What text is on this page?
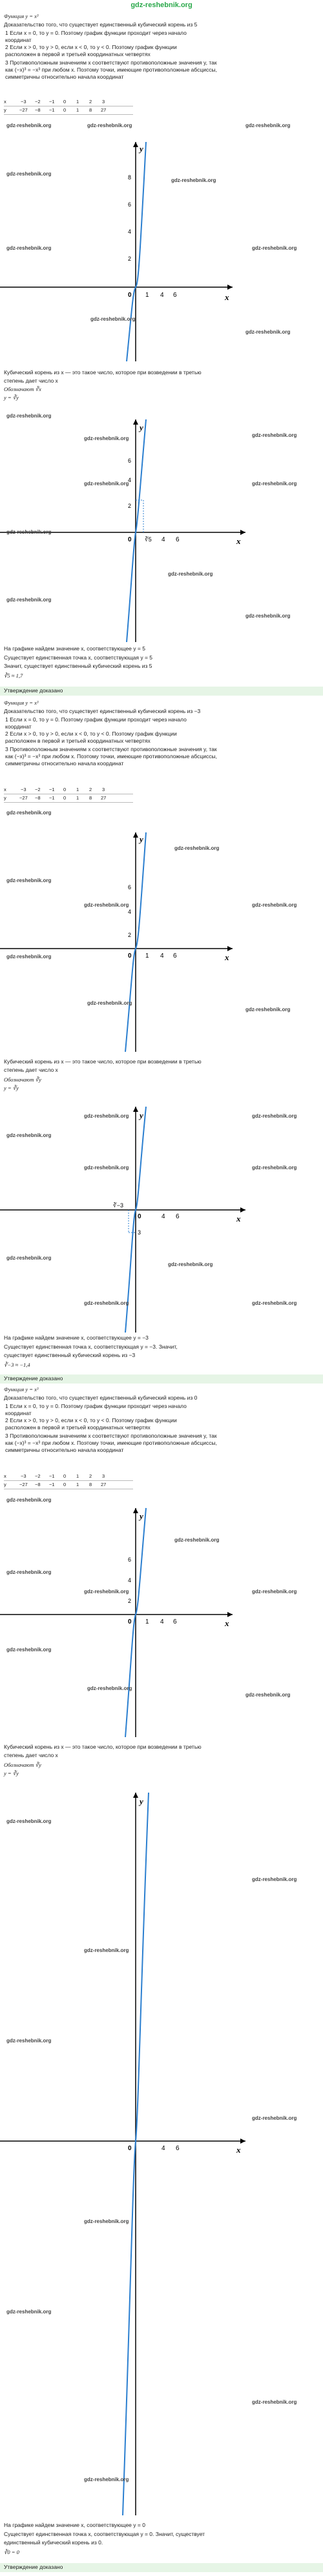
gdz-reshebnik.org
Функция y = x³
Доказательство того, что существует единственный кубический корень из 5
1 Если x = 0, то y = 0. Поэтому график функции проходит через начало координат
2 Если x > 0, то y > 0, если x < 0, то y < 0. Поэтому график функции расположен в первой и третьей координатных четвертях
3 Противоположным значениям x соответствуют противоположные значения y, так как (−x)³ = −x³ при любом x. Поэтому точки, имеющие противоположные абсциссы, симметричны относительно начала координат
x	−3 −2 −1 0 1 2 3
y	−27 −8 −1 0 1 8 27
y
x
0
8
6
4
2
1 4 6
gdz-reshebnik.org	gdz-reshebnik.org	gdz-reshebnik.org
gdz-reshebnik.org
gdz-reshebnik.org
gdz-reshebnik.org	gdz-reshebnik.org
gdz-reshebnik.org
gdz-reshebnik.org
Кубический корень из x — это такое число, которое при возведении в третью
степень дает число x
Обозначают ∛x
y = ∛y
y
x
0 ∛5
6
4
2
4 6
gdz-reshebnik.org
gdz-reshebnik.org
gdz-reshebnik.org
gdz-reshebnik.org	gdz-reshebnik.org
gdz-reshebnik.org
gdz-reshebnik.org
gdz-reshebnik.org
gdz-reshebnik.org
На графике найдем значение x, соответствующее y = 5
Существует единственная точка x, соответствующая y = 5
Значит, существует единственный кубический корень из 5
∛5 ≈ 1,7
Утверждение доказано
Функция y = x³
Доказательство того, что существует единственный кубический корень из −3
1 Если x = 0, то y = 0. Поэтому график функции проходит через начало координат
2 Если x > 0, то y > 0, если x < 0, то y < 0. Поэтому график функции расположен в первой и третьей координатных четвертях
3 Противоположным значениям x соответствуют противоположные значения y, так как (−x)³ = −x³ при любом x. Поэтому точки, имеющие противоположные абсциссы, симметричны относительно начала координат
x	−3 −2 −1 0 1 2 3
y	−27 −8 −1 0 1 8 27
y
x
0
6
4
2
1 4 6
gdz-reshebnik.org
gdz-reshebnik.org
gdz-reshebnik.org
gdz-reshebnik.org	gdz-reshebnik.org
gdz-reshebnik.org
gdz-reshebnik.org
gdz-reshebnik.org
Кубический корень из x — это такое число, которое при возведении в третью
степень дает число x
Обозначают ∛y
y = ∛y
y
x
0
∛−3
3
4 6
gdz-reshebnik.org	gdz-reshebnik.org
gdz-reshebnik.org
gdz-reshebnik.org	gdz-reshebnik.org
gdz-reshebnik.org
gdz-reshebnik.org
gdz-reshebnik.org	gdz-reshebnik.org
На графике найдем значение x, соответствующее y = −3
Существует единственная точка x, соответствующая y = −3. Значит,
существует единственный кубический корень из −3
∛−3 ≈ −1,4
Утверждение доказано
Функция y = x³
Доказательство того, что существует единственный кубический корень из 0
1 Если x = 0, то y = 0. Поэтому график функции проходит через начало координат
2 Если x > 0, то y > 0, если x < 0, то y < 0. Поэтому график функции расположен в первой и третьей координатных четвертях
3 Противоположным значениям x соответствуют противоположные значения y, так как (−x)³ = −x³ при любом x. Поэтому точки, имеющие противоположные абсциссы, симметричны относительно начала координат
x	−3 −2 −1 0 1 2 3
y	−27 −8 −1 0 1 8 27
y
x
0
6
4
2
1 4 6
gdz-reshebnik.org
gdz-reshebnik.org
gdz-reshebnik.org
gdz-reshebnik.org	gdz-reshebnik.org
gdz-reshebnik.org
gdz-reshebnik.org
gdz-reshebnik.org
Кубический корень из x — это такое число, которое при возведении в третью
степень дает число x
Обозначают ∛y
y = ∛y
y
x
0	4 6
gdz-reshebnik.org
gdz-reshebnik.org
gdz-reshebnik.org
gdz-reshebnik.org
gdz-reshebnik.org
gdz-reshebnik.org
gdz-reshebnik.org
gdz-reshebnik.org
gdz-reshebnik.org
На графике найдем значение x, соответствующее y = 0
Существует единственная точка x, соответствующая y = 0. Значит, существует
единственный кубический корень из 0.
∛0 = 0
Утверждение доказано
